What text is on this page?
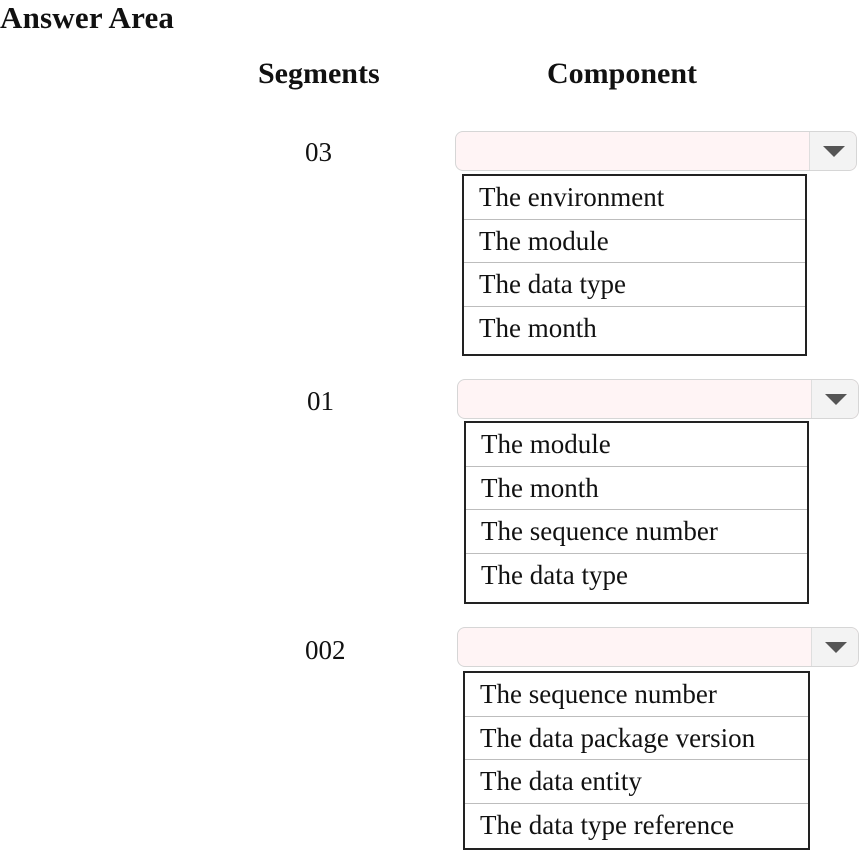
Answer Area
Segments	Component
03
The environment
The module
The data type
The month
01
The module
The month
The sequence number
The data type
002
The sequence number
The data package version
The data entity
The data type reference
